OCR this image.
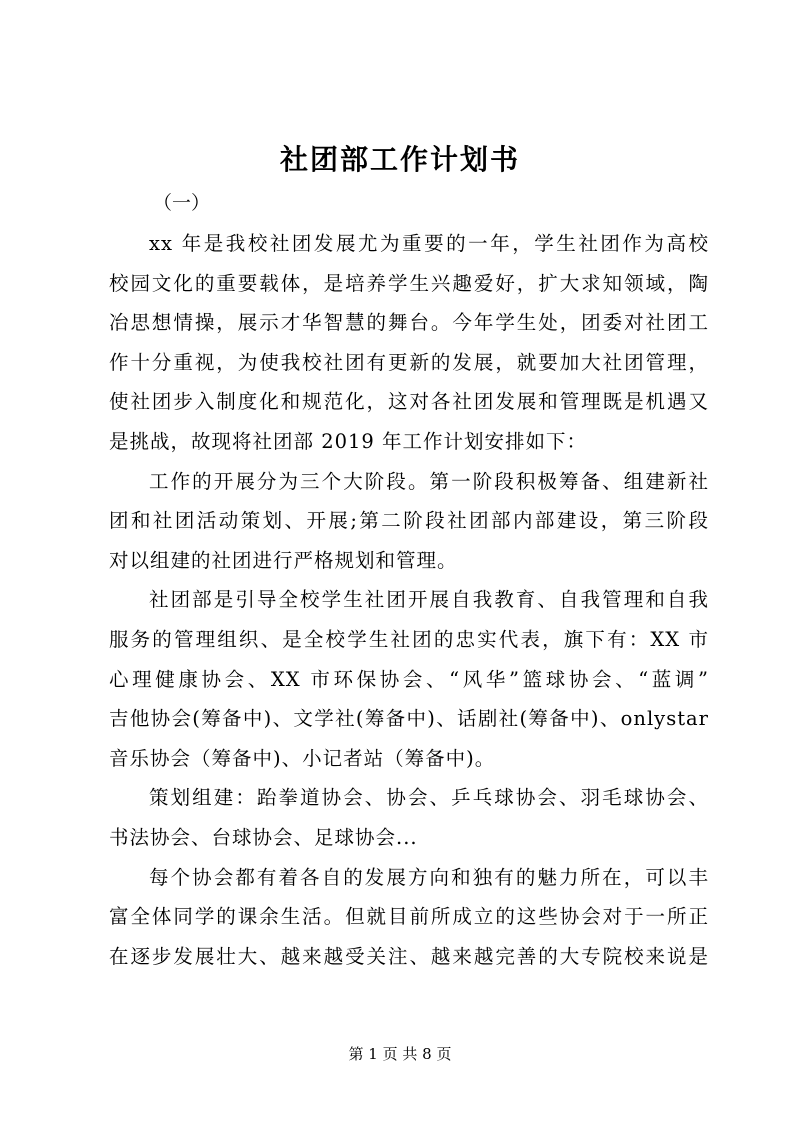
社团部工作计划书
（一）
xx 年是我校社团发展尤为重要的一年，学生社团作为高校
校园文化的重要载体，是培养学生兴趣爱好，扩大求知领域，陶
冶思想情操，展示才华智慧的舞台。今年学生处，团委对社团工
作十分重视，为使我校社团有更新的发展，就要加大社团管理，
使社团步入制度化和规范化，这对各社团发展和管理既是机遇又
是挑战，故现将社团部 2019 年工作计划安排如下：
工作的开展分为三个大阶段。第一阶段积极筹备、组建新社
团和社团活动策划、开展;第二阶段社团部内部建设，第三阶段
对以组建的社团进行严格规划和管理。
社团部是引导全校学生社团开展自我教育、自我管理和自我
服务的管理组织、是全校学生社团的忠实代表，旗下有：XX 市
心理健康协会、XX 市环保协会、“风华”篮球协会、“蓝调”
吉他协会(筹备中)、文学社(筹备中)、话剧社(筹备中)、onlystar
音乐协会（筹备中)、小记者站（筹备中)。
策划组建：跆拳道协会、协会、乒乓球协会、羽毛球协会、
书法协会、台球协会、足球协会...
每个协会都有着各自的发展方向和独有的魅力所在，可以丰
富全体同学的课余生活。但就目前所成立的这些协会对于一所正
在逐步发展壮大、越来越受关注、越来越完善的大专院校来说是
第 1 页 共 8 页
